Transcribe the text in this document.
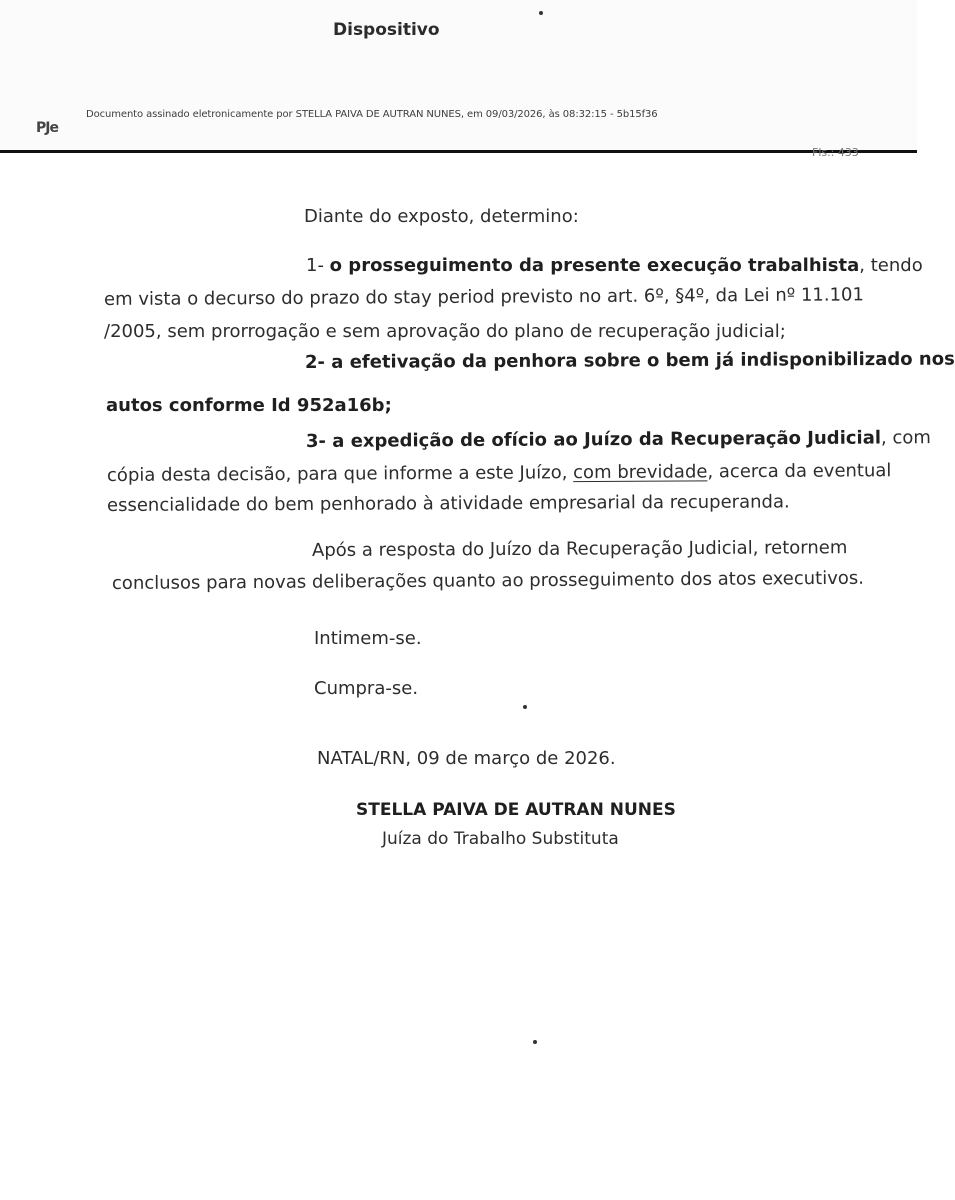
Dispositivo
Documento assinado eletronicamente por STELLA PAIVA DE AUTRAN NUNES, em 09/03/2026, às 08:32:15 - 5b15f36
PJe
Fls.: 433
Diante do exposto, determino:
1- o prosseguimento da presente execução trabalhista, tendo
em vista o decurso do prazo do stay period previsto no art. 6º, §4º, da Lei nº 11.101
/2005, sem prorrogação e sem aprovação do plano de recuperação judicial;
2- a efetivação da penhora sobre o bem já indisponibilizado nos
autos conforme Id 952a16b;
3- a expedição de ofício ao Juízo da Recuperação Judicial, com
cópia desta decisão, para que informe a este Juízo, com brevidade, acerca da eventual
essencialidade do bem penhorado à atividade empresarial da recuperanda.
Após a resposta do Juízo da Recuperação Judicial, retornem
conclusos para novas deliberações quanto ao prosseguimento dos atos executivos.
Intimem-se.
Cumpra-se.
NATAL/RN, 09 de março de 2026.
STELLA PAIVA DE AUTRAN NUNES
Juíza do Trabalho Substituta
